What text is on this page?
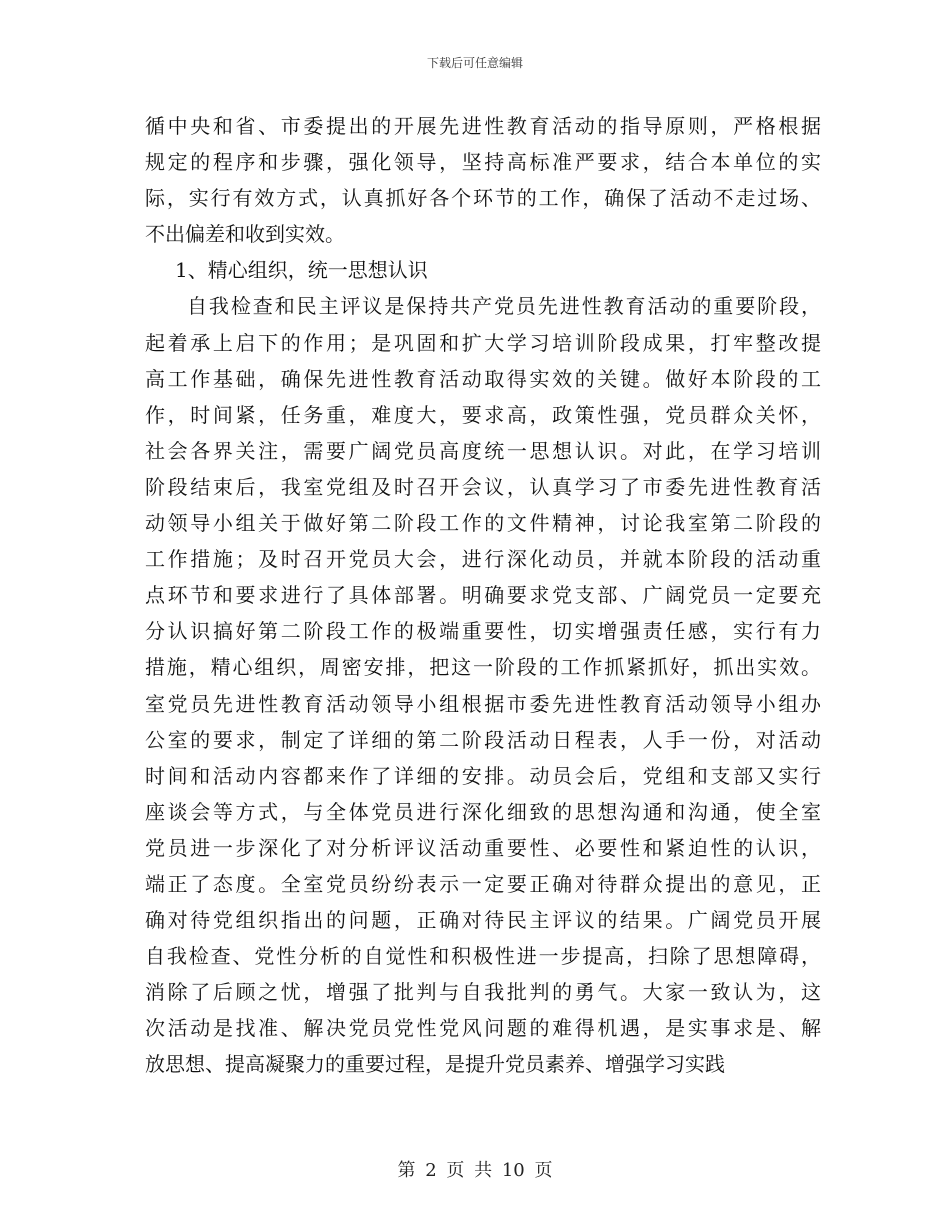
下载后可任意编辑
循中央和省、市委提出的开展先进性教育活动的指导原则，严格根据
规定的程序和步骤，强化领导，坚持高标准严要求，结合本单位的实
际，实行有效方式，认真抓好各个环节的工作，确保了活动不走过场、
不出偏差和收到实效。
1、精心组织，统一思想认识
自我检查和民主评议是保持共产党员先进性教育活动的重要阶段，
起着承上启下的作用；是巩固和扩大学习培训阶段成果，打牢整改提
高工作基础，确保先进性教育活动取得实效的关键。做好本阶段的工
作，时间紧，任务重，难度大，要求高，政策性强，党员群众关怀，
社会各界关注，需要广阔党员高度统一思想认识。对此，在学习培训
阶段结束后，我室党组及时召开会议，认真学习了市委先进性教育活
动领导小组关于做好第二阶段工作的文件精神，讨论我室第二阶段的
工作措施；及时召开党员大会，进行深化动员，并就本阶段的活动重
点环节和要求进行了具体部署。明确要求党支部、广阔党员一定要充
分认识搞好第二阶段工作的极端重要性，切实增强责任感，实行有力
措施，精心组织，周密安排，把这一阶段的工作抓紧抓好，抓出实效。
室党员先进性教育活动领导小组根据市委先进性教育活动领导小组办
公室的要求，制定了详细的第二阶段活动日程表，人手一份，对活动
时间和活动内容都来作了详细的安排。动员会后，党组和支部又实行
座谈会等方式，与全体党员进行深化细致的思想沟通和沟通，使全室
党员进一步深化了对分析评议活动重要性、必要性和紧迫性的认识，
端正了态度。全室党员纷纷表示一定要正确对待群众提出的意见，正
确对待党组织指出的问题，正确对待民主评议的结果。广阔党员开展
自我检查、党性分析的自觉性和积极性进一步提高，扫除了思想障碍，
消除了后顾之忧，增强了批判与自我批判的勇气。大家一致认为，这
次活动是找准、解决党员党性党风问题的难得机遇，是实事求是、解
放思想、提高凝聚力的重要过程，是提升党员素养、增强学习实践
第 2 页 共 10 页
